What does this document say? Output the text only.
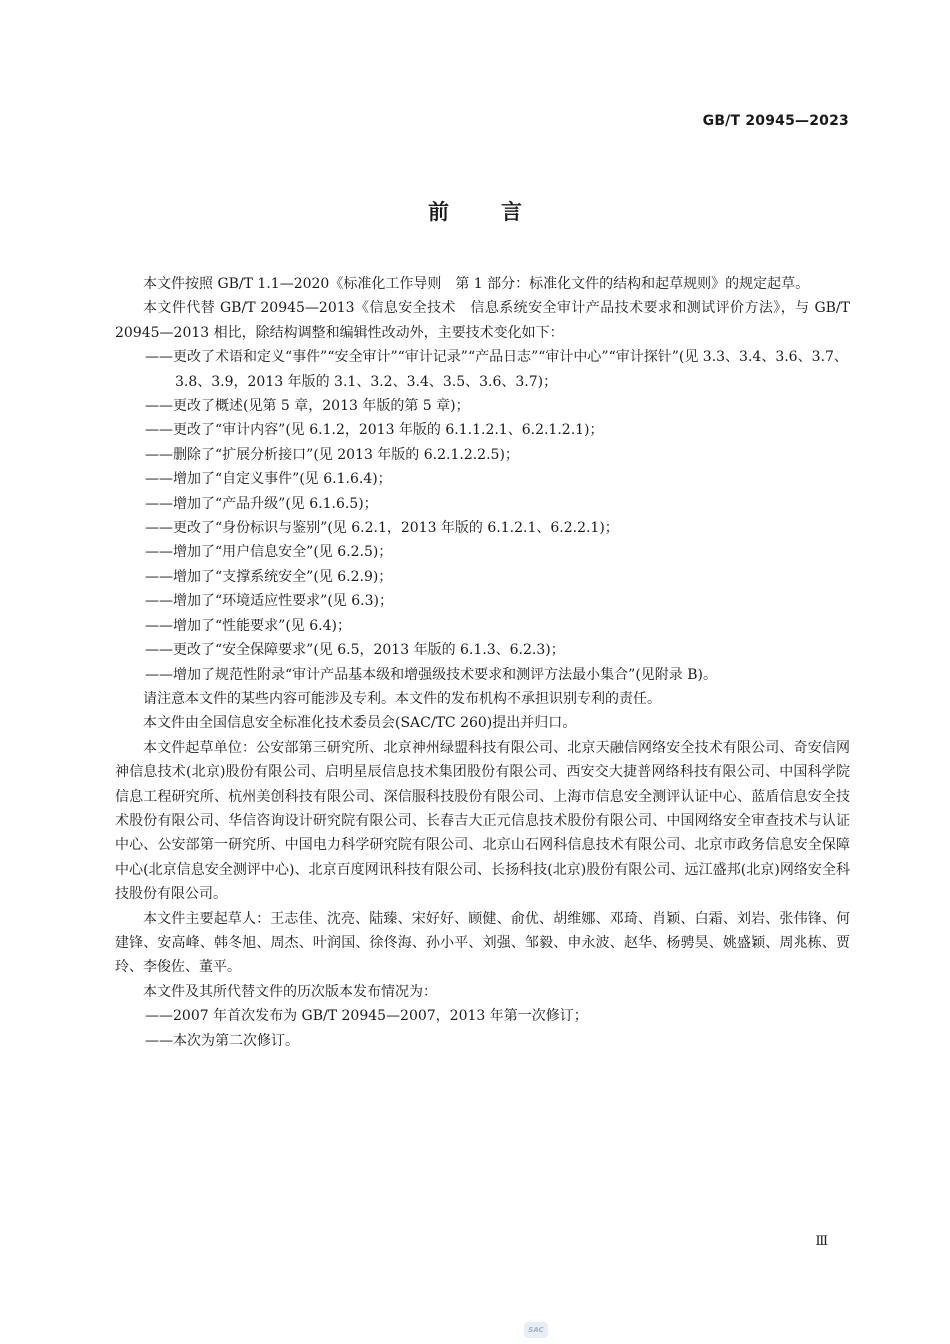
GB/T 20945—2023
前言

本文件按照 GB/T 1.1—2020《标准化工作导则　第 1 部分：标准化文件的结构和起草规则》的规定起草。

本文件代替 GB/T 20945—2013《信息安全技术　信息系统安全审计产品技术要求和测试评价方法》，与 GB/T 20945—2013 相比，除结构调整和编辑性改动外，主要技术变化如下：

——更改了术语和定义“事件”“安全审计”“审计记录”“产品日志”“审计中心”“审计探针”(见 3.3、3.4、3.6、3.7、3.8、3.9，2013 年版的 3.1、3.2、3.4、3.5、3.6、3.7)；
——更改了概述(见第 5 章，2013 年版的第 5 章)；
——更改了“审计内容”(见 6.1.2，2013 年版的 6.1.1.2.1、6.2.1.2.1)；
——删除了“扩展分析接口”(见 2013 年版的 6.2.1.2.2.5)；
——增加了“自定义事件”(见 6.1.6.4)；
——增加了“产品升级”(见 6.1.6.5)；
——更改了“身份标识与鉴别”(见 6.2.1，2013 年版的 6.1.2.1、6.2.2.1)；
——增加了“用户信息安全”(见 6.2.5)；
——增加了“支撑系统安全”(见 6.2.9)；
——增加了“环境适应性要求”(见 6.3)；
——增加了“性能要求”(见 6.4)；
——更改了“安全保障要求”(见 6.5，2013 年版的 6.1.3、6.2.3)；
——增加了规范性附录“审计产品基本级和增强级技术要求和测评方法最小集合”(见附录 B)。

请注意本文件的某些内容可能涉及专利。本文件的发布机构不承担识别专利的责任。

本文件由全国信息安全标准化技术委员会(SAC/TC 260)提出并归口。

本文件起草单位：公安部第三研究所、北京神州绿盟科技有限公司、北京天融信网络安全技术有限公司、奇安信网神信息技术(北京)股份有限公司、启明星辰信息技术集团股份有限公司、西安交大捷普网络科技有限公司、中国科学院信息工程研究所、杭州美创科技有限公司、深信服科技股份有限公司、上海市信息安全测评认证中心、蓝盾信息安全技术股份有限公司、华信咨询设计研究院有限公司、长春吉大正元信息技术股份有限公司、中国网络安全审查技术与认证中心、公安部第一研究所、中国电力科学研究院有限公司、北京山石网科信息技术有限公司、北京市政务信息安全保障中心(北京信息安全测评中心)、北京百度网讯科技有限公司、长扬科技(北京)股份有限公司、远江盛邦(北京)网络安全科技股份有限公司。

本文件主要起草人：王志佳、沈亮、陆臻、宋好好、顾健、俞优、胡维娜、邓琦、肖颖、白霜、刘岩、张伟锋、何建锋、安高峰、韩冬旭、周杰、叶润国、徐佟海、孙小平、刘强、邹毅、申永波、赵华、杨骋昊、姚盛颖、周兆栋、贾玲、李俊佐、董平。

本文件及其所代替文件的历次版本发布情况为：

——2007 年首次发布为 GB/T 20945—2007，2013 年第一次修订；
——本次为第二次修订。
Ⅲ
SAC
